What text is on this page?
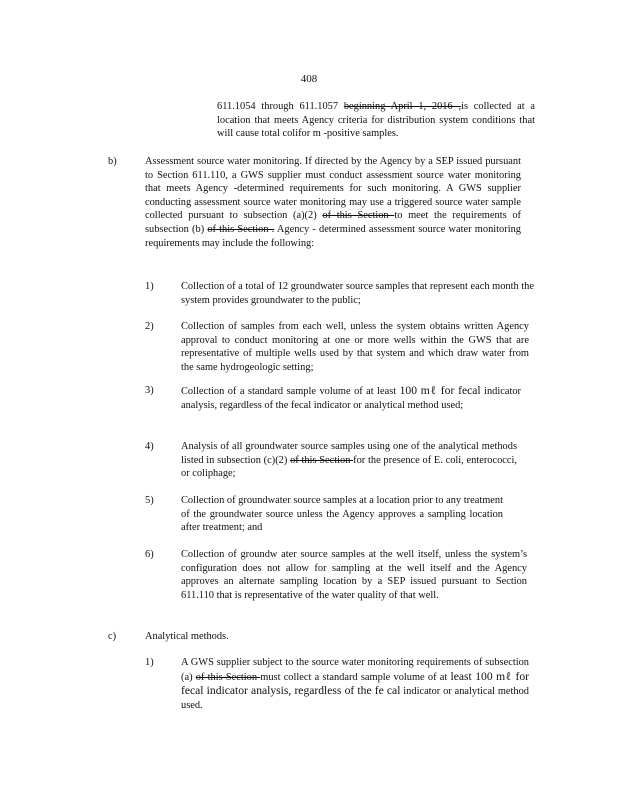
408

611.1054 through 611.1057 beginning April 1, 2016 ,is collected at a location that meets Agency criteria for distribution system conditions that will cause total colifor m -positive samples.

b)	Assessment source water monitoring. If directed by the Agency by a SEP issued pursuant to Section 611.110, a GWS supplier must conduct assessment source water monitoring that meets Agency -determined requirements for such monitoring. A GWS supplier conducting assessment source water monitoring may use a triggered source water sample collected pursuant to subsection (a)(2) of this Section to meet the requirements of subsection (b) of this Section . Agency - determined assessment source water monitoring requirements may include the following:

1)	Collection of a total of 12 groundwater source samples that represent each month the system provides groundwater to the public;

2)	Collection of samples from each well, unless the system obtains written Agency approval to conduct monitoring at one or more wells within the GWS that are representative of multiple wells used by that system and which draw water from the same hydrogeologic setting;

3)	Collection of a standard sample volume of at least 100 mℓ for fecal indicator analysis, regardless of the fecal indicator or analytical method used;

4)	Analysis of all groundwater source samples using one of the analytical methods listed in subsection (c)(2) of this Section for the presence of E. coli, enterococci, or coliphage;

5)	Collection of groundwater source samples at a location prior to any treatment of the groundwater source unless the Agency approves a sampling location after treatment; and

6)	Collection of groundw ater source samples at the well itself, unless the system’s configuration does not allow for sampling at the well itself and the Agency approves an alternate sampling location by a SEP issued pursuant to Section 611.110 that is representative of the water quality of that well.

c)	Analytical methods.
1)	A GWS supplier subject to the source water monitoring requirements of subsection (a) of this Section must collect a standard sample volume of at least 100 mℓ for fecal indicator analysis, regardless of the fe cal indicator or analytical method used.
